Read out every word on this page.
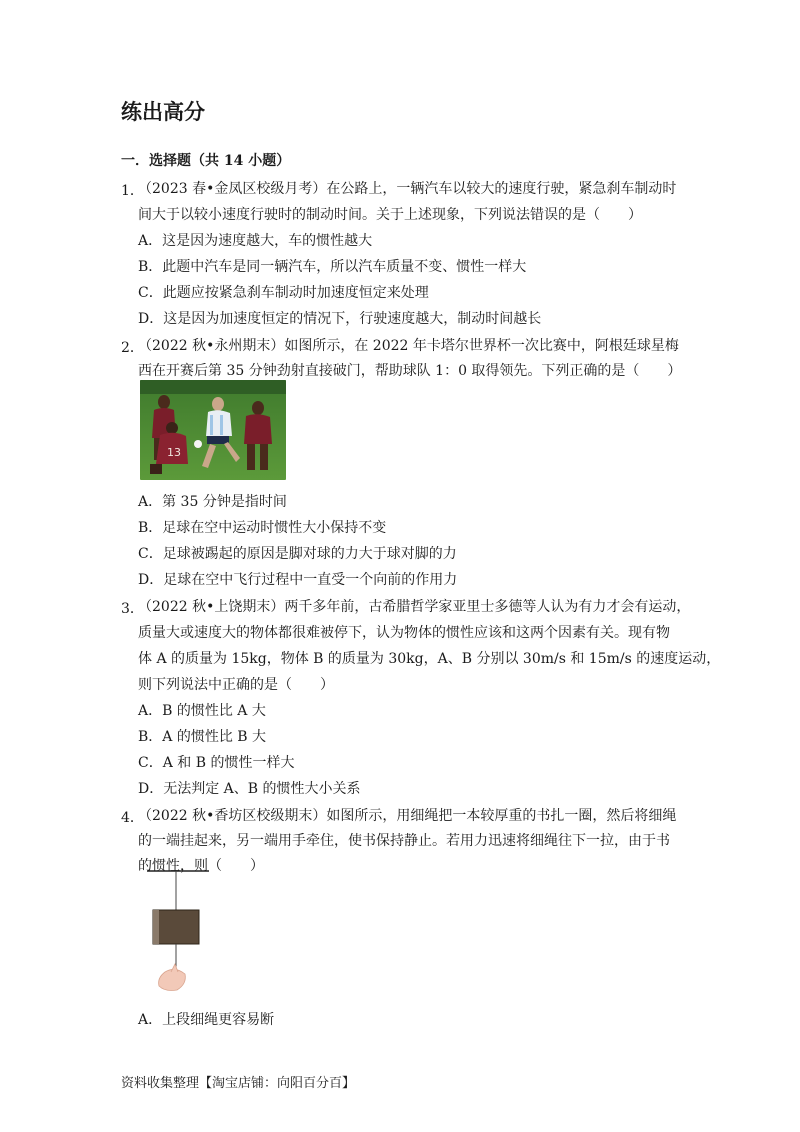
练出高分
一．选择题（共 14 小题）
1．
（2023 春•金凤区校级月考）在公路上，一辆汽车以较大的速度行驶，紧急刹车制动时
间大于以较小速度行驶时的制动时间。关于上述现象，下列说法错误的是（　　）
A．这是因为速度越大，车的惯性越大
B．此题中汽车是同一辆汽车，所以汽车质量不变、惯性一样大
C．此题应按紧急刹车制动时加速度恒定来处理
D．这是因为加速度恒定的情况下，行驶速度越大，制动时间越长
2．
（2022 秋•永州期末）如图所示，在 2022 年卡塔尔世界杯一次比赛中，阿根廷球星梅
西在开赛后第 35 分钟劲射直接破门，帮助球队 1：0 取得领先。下列正确的是（　　）
13
A．第 35 分钟是指时间
B．足球在空中运动时惯性大小保持不变
C．足球被踢起的原因是脚对球的力大于球对脚的力
D．足球在空中飞行过程中一直受一个向前的作用力
3．
（2022 秋•上饶期末）两千多年前，古希腊哲学家亚里士多德等人认为有力才会有运动，
质量大或速度大的物体都很难被停下，认为物体的惯性应该和这两个因素有关。现有物
体 A 的质量为 15kg，物体 B 的质量为 30kg，A、B 分别以 30m/s 和 15m/s 的速度运动，
则下列说法中正确的是（　　）
A．B 的惯性比 A 大
B．A 的惯性比 B 大
C．A 和 B 的惯性一样大
D．无法判定 A、B 的惯性大小关系
4．
（2022 秋•香坊区校级期末）如图所示，用细绳把一本较厚重的书扎一圈，然后将细绳
的一端挂起来，另一端用手牵住，使书保持静止。若用力迅速将细绳往下一拉，由于书
的惯性，则（　　）
A．上段细绳更容易断
资料收集整理【淘宝店铺：向阳百分百】
